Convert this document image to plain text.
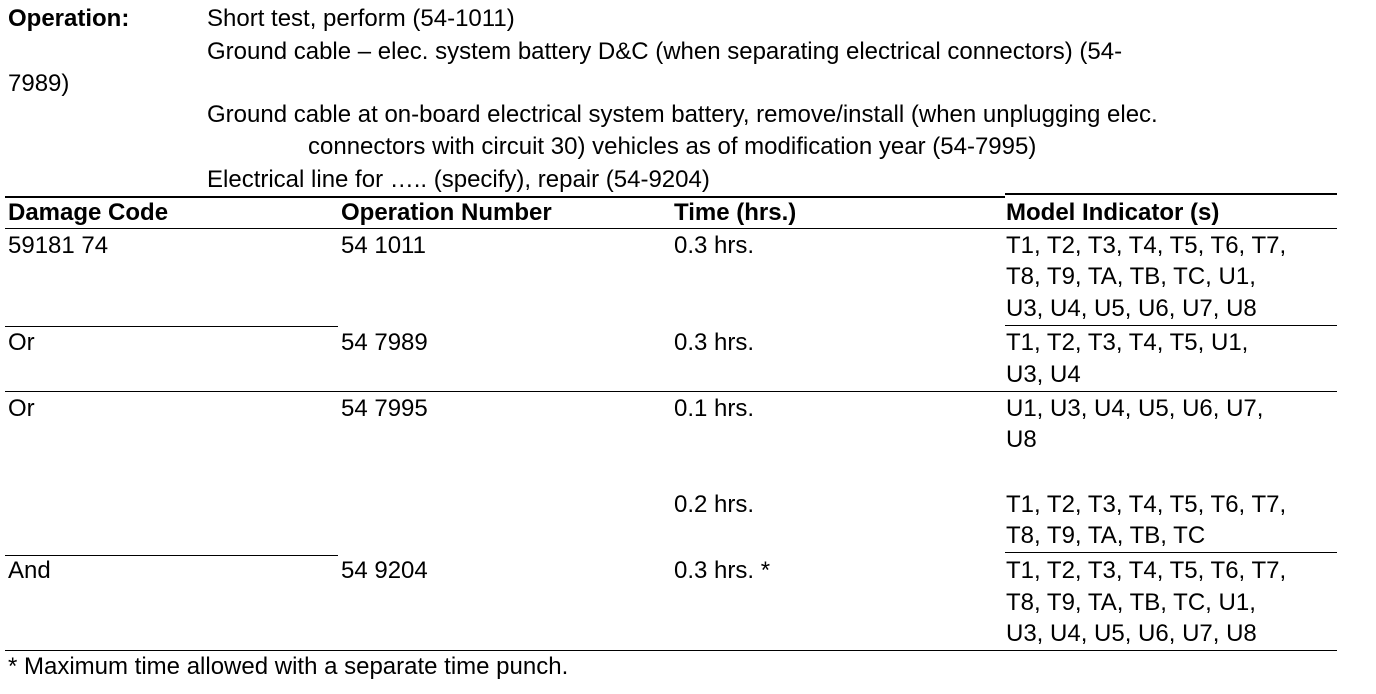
Operation:	Short test, perform (54-1011)
Ground cable – elec. system battery D&C (when separating electrical connectors) (54-
7989)
Ground cable at on-board electrical system battery, remove/install (when unplugging elec.
connectors with circuit 30) vehicles as of modification year (54-7995)
Electrical line for ….. (specify), repair (54-9204)
Damage Code	Operation Number	Time (hrs.)	Model Indicator (s)
59181 74	54 1011	0.3 hrs.	T1, T2, T3, T4, T5, T6, T7,
T8, T9, TA, TB, TC, U1,
U3, U4, U5, U6, U7, U8
Or	54 7989	0.3 hrs.	T1, T2, T3, T4, T5, U1,
U3, U4
Or	54 7995	0.1 hrs.	U1, U3, U4, U5, U6, U7,
U8
0.2 hrs.	T1, T2, T3, T4, T5, T6, T7,
T8, T9, TA, TB, TC
And	54 9204	0.3 hrs. *	T1, T2, T3, T4, T5, T6, T7,
T8, T9, TA, TB, TC, U1,
U3, U4, U5, U6, U7, U8
* Maximum time allowed with a separate time punch.
